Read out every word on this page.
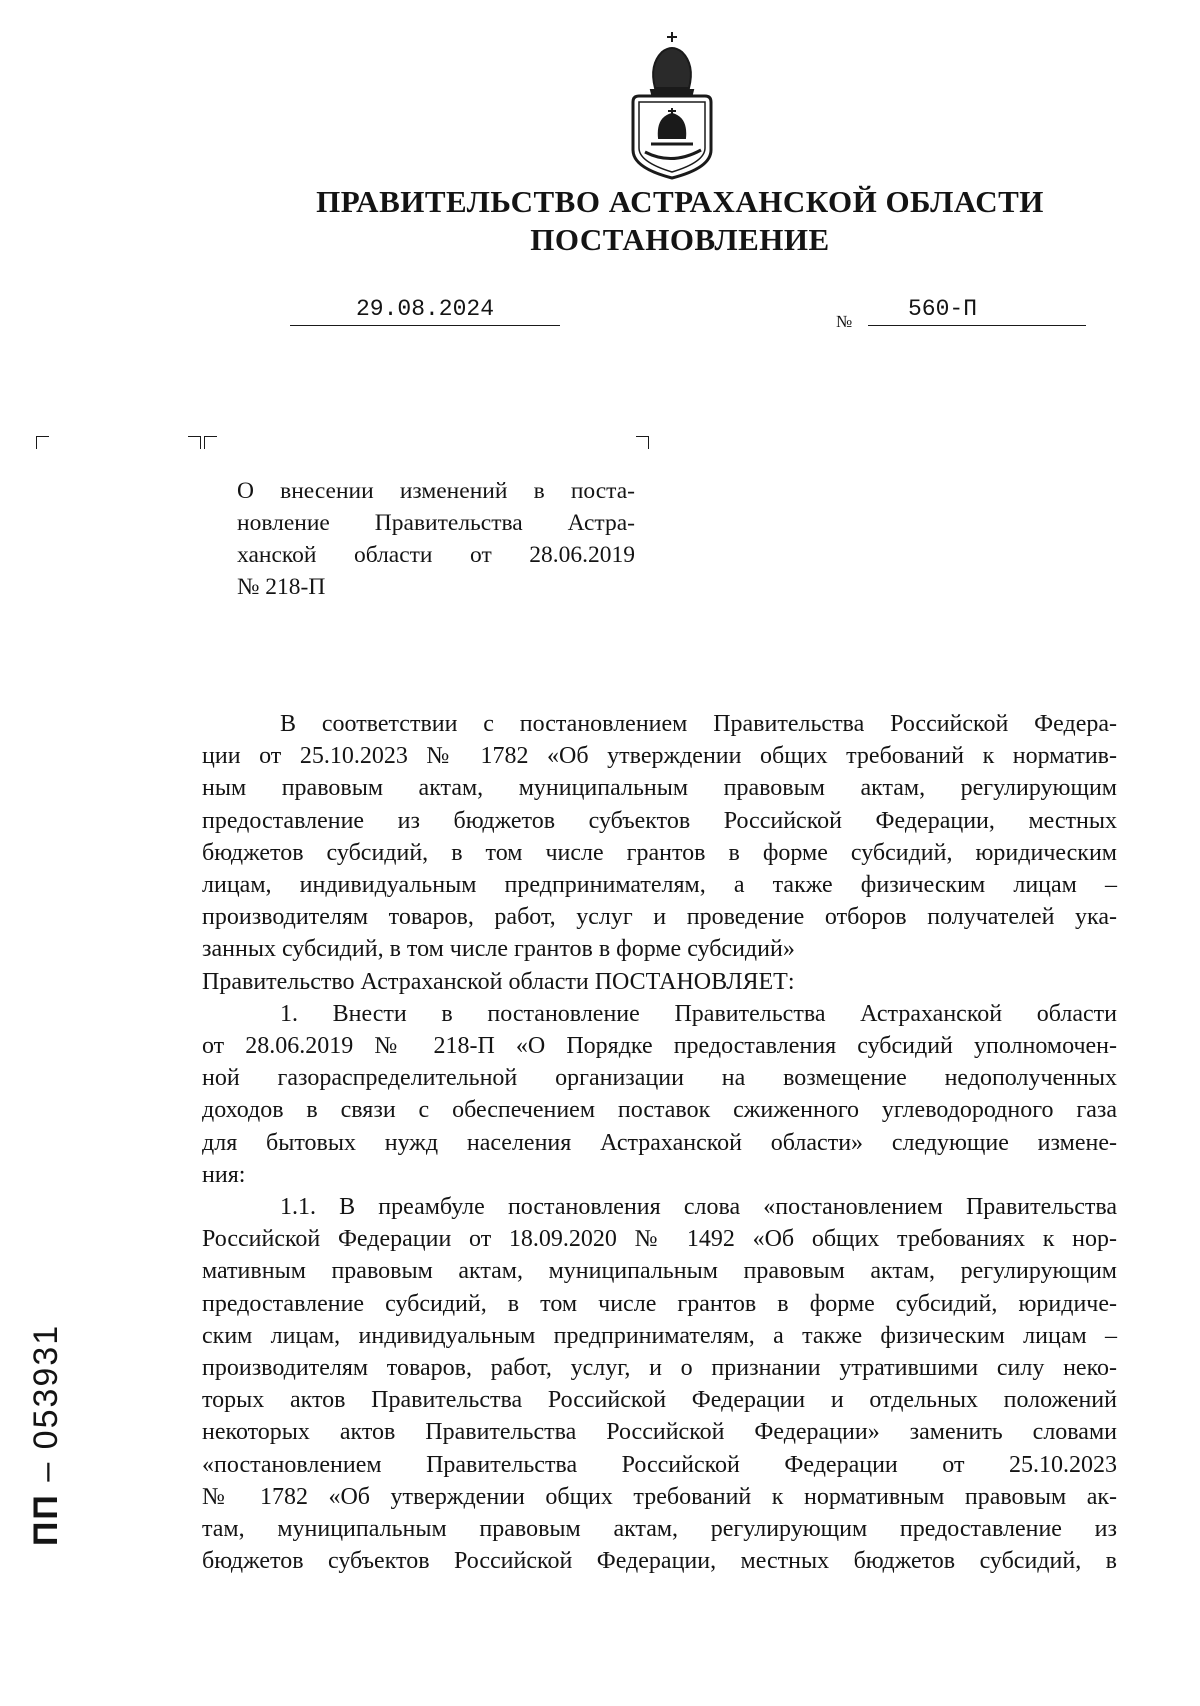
ПРАВИТЕЛЬСТВО АСТРАХАНСКОЙ ОБЛАСТИ
ПОСТАНОВЛЕНИЕ
29.08.2024	№	560-П
О внесении изменений в поста-
новление Правительства Астра-
ханской области от 28.06.2019
№ 218-П

В соответствии с постановлением Правительства Российской Федера-
ции от 25.10.2023 № 1782 «Об утверждении общих требований к норматив-
ным правовым актам, муниципальным правовым актам, регулирующим
предоставление из бюджетов субъектов Российской Федерации, местных
бюджетов субсидий, в том числе грантов в форме субсидий, юридическим
лицам, индивидуальным предпринимателям, а также физическим лицам –
производителям товаров, работ, услуг и проведение отборов получателей ука-
занных субсидий, в том числе грантов в форме субсидий»

Правительство Астраханской области ПОСТАНОВЛЯЕТ:

1. Внести в постановление Правительства Астраханской области
от 28.06.2019 № 218-П «О Порядке предоставления субсидий уполномочен-
ной газораспределительной организации на возмещение недополученных
доходов в связи с обеспечением поставок сжиженного углеводородного газа
для бытовых нужд населения Астраханской области» следующие измене-
ния:

1.1. В преамбуле постановления слова «постановлением Правительства
Российской Федерации от 18.09.2020 № 1492 «Об общих требованиях к нор-
мативным правовым актам, муниципальным правовым актам, регулирующим
предоставление субсидий, в том числе грантов в форме субсидий, юридиче-
ским лицам, индивидуальным предпринимателям, а также физическим лицам –
производителям товаров, работ, услуг, и о признании утратившими силу неко-
торых актов Правительства Российской Федерации и отдельных положений
некоторых актов Правительства Российской Федерации» заменить словами
«постановлением Правительства Российской Федерации от 25.10.2023
№ 1782 «Об утверждении общих требований к нормативным правовым ак-
там, муниципальным правовым актам, регулирующим предоставление из
бюджетов субъектов Российской Федерации, местных бюджетов субсидий, в

ПП – 053931
